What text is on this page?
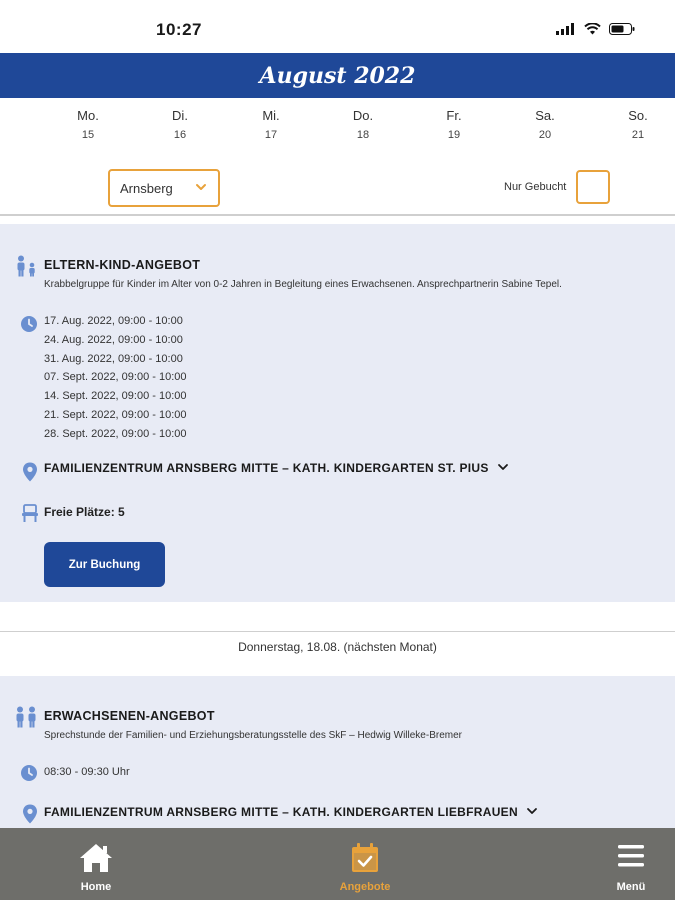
10:27
August 2022
Mo.
15
Di.
16
Mi.
17
Do.
18
Fr.
19
Sa.
20
So.
21
Arnsberg	Nur Gebucht
ELTERN-KIND-ANGEBOT
Krabbelgruppe für Kinder im Alter von 0-2 Jahren in Begleitung eines Erwachsenen. Ansprechpartnerin Sabine Tepel.
17. Aug. 2022, 09:00 - 10:00
24. Aug. 2022, 09:00 - 10:00
31. Aug. 2022, 09:00 - 10:00
07. Sept. 2022, 09:00 - 10:00
14. Sept. 2022, 09:00 - 10:00
21. Sept. 2022, 09:00 - 10:00
28. Sept. 2022, 09:00 - 10:00
FAMILIENZENTRUM ARNSBERG MITTE – KATH. KINDERGARTEN ST. PIUS
Freie Plätze: 5
Zur Buchung
Donnerstag, 18.08. (nächsten Monat)
ERWACHSENEN-ANGEBOT
Sprechstunde der Familien- und Erziehungsberatungsstelle des SkF – Hedwig Willeke-Bremer
08:30 - 09:30 Uhr
FAMILIENZENTRUM ARNSBERG MITTE – KATH. KINDERGARTEN LIEBFRAUEN
Home	Angebote	Menü
